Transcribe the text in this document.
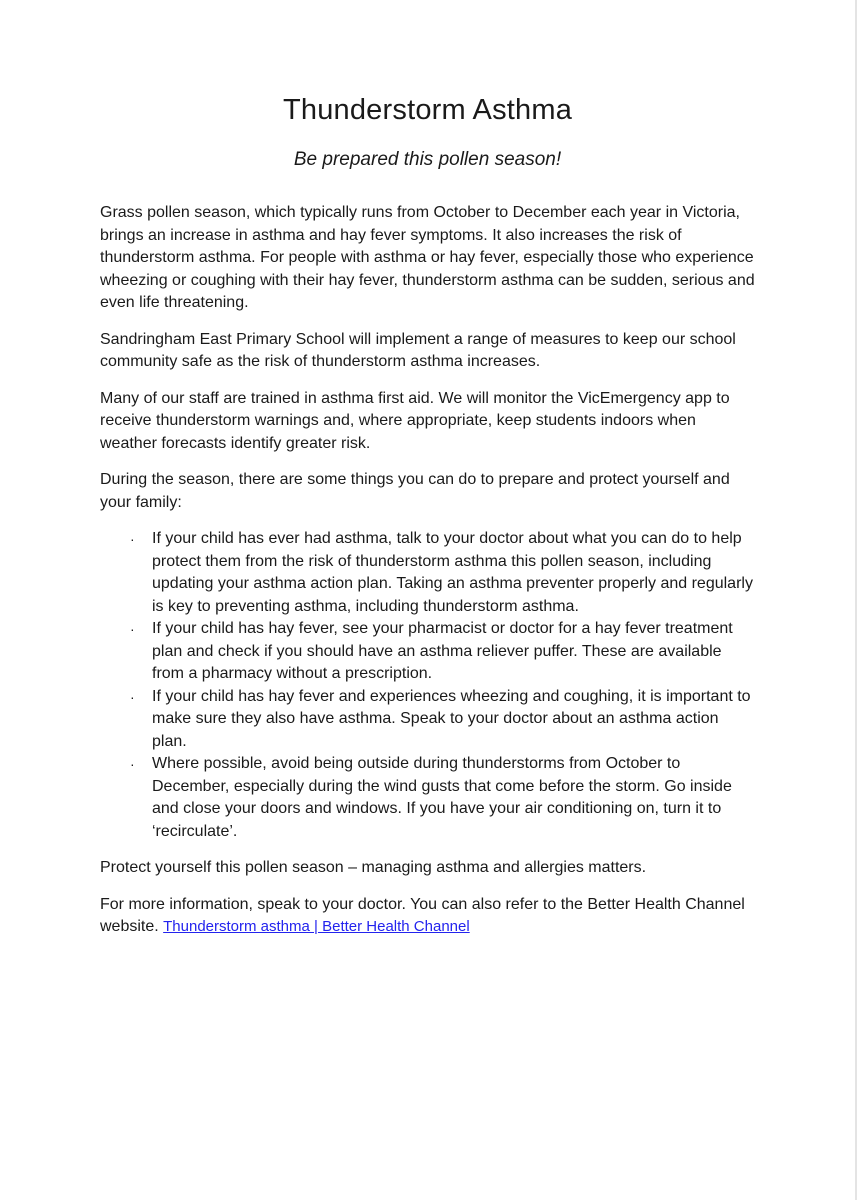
Thunderstorm Asthma

Be prepared this pollen season!

Grass pollen season, which typically runs from October to December each year in Victoria, brings an increase in asthma and hay fever symptoms. It also increases the risk of thunderstorm asthma. For people with asthma or hay fever, especially those who experience wheezing or coughing with their hay fever, thunderstorm asthma can be sudden, serious and even life threatening.

Sandringham East Primary School will implement a range of measures to keep our school community safe as the risk of thunderstorm asthma increases.

Many of our staff are trained in asthma first aid. We will monitor the VicEmergency app to receive thunderstorm warnings and, where appropriate, keep students indoors when weather forecasts identify greater risk.

During the season, there are some things you can do to prepare and protect yourself and your family:

·	If your child has ever had asthma, talk to your doctor about what you can do to help protect them from the risk of thunderstorm asthma this pollen season, including updating your asthma action plan. Taking an asthma preventer properly and regularly is key to preventing asthma, including thunderstorm asthma.
·	If your child has hay fever, see your pharmacist or doctor for a hay fever treatment plan and check if you should have an asthma reliever puffer. These are available from a pharmacy without a prescription.
·	If your child has hay fever and experiences wheezing and coughing, it is important to make sure they also have asthma. Speak to your doctor about an asthma action plan.
·	Where possible, avoid being outside during thunderstorms from October to December, especially during the wind gusts that come before the storm. Go inside and close your doors and windows. If you have your air conditioning on, turn it to ‘recirculate’.

Protect yourself this pollen season – managing asthma and allergies matters.

For more information, speak to your doctor. You can also refer to the Better Health Channel website. Thunderstorm asthma | Better Health Channel
